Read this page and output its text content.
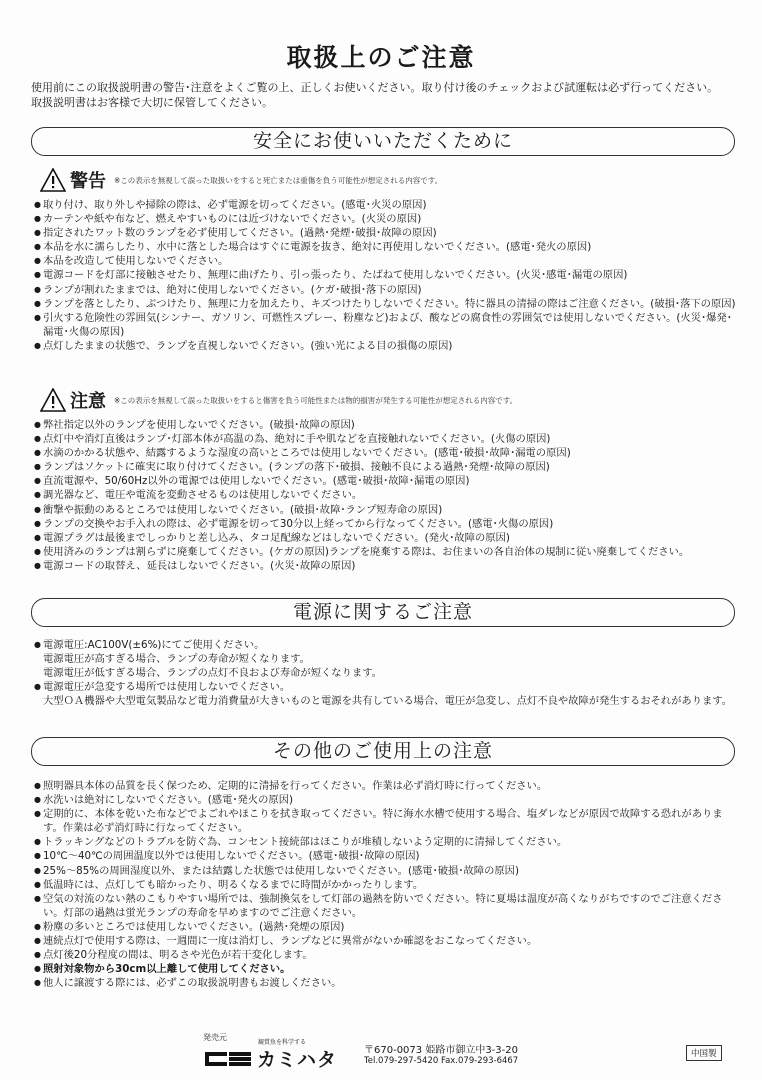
取扱上のご注意
使用前にこの取扱説明書の警告･注意をよくご覧の上、正しくお使いください。取り付け後のチェックおよび試運転は必ず行ってください。
取扱説明書はお客様で大切に保管してください。
安全にお使いいただくために
警告 ※この表示を無視して誤った取扱いをすると死亡または重傷を負う可能性が想定される内容です。
● 取り付け、取り外しや掃除の際は、必ず電源を切ってください。(感電･火災の原因)
● カーテンや紙や布など、燃えやすいものには近づけないでください。(火災の原因)
● 指定されたワット数のランプを必ず使用してください。(過熱･発煙･破損･故障の原因)
● 本品を水に濡らしたり、水中に落とした場合はすぐに電源を抜き、絶対に再使用しないでください。(感電･発火の原因)
● 本品を改造して使用しないでください。
● 電源コードを灯部に接触させたり、無理に曲げたり、引っ張ったり、たばねて使用しないでください。(火災･感電･漏電の原因)
● ランプが割れたままでは、絶対に使用しないでください。(ケガ･破損･落下の原因)
● ランプを落としたり、ぶつけたり、無理に力を加えたり、キズつけたりしないでください。特に器具の清掃の際はご注意ください。(破損･落下の原因)
● 引火する危険性の雰囲気(シンナー、ガソリン、可燃性スプレー、粉塵など)および、酸などの腐食性の雰囲気では使用しないでください。(火災･爆発･漏電･火傷の原因)
● 点灯したままの状態で、ランプを直視しないでください。(強い光による目の損傷の原因)
注意 ※この表示を無視して誤った取扱いをすると傷害を負う可能性または物的損害が発生する可能性が想定される内容です。
● 弊社指定以外のランプを使用しないでください。(破損･故障の原因)
● 点灯中や消灯直後はランプ･灯部本体が高温の為、絶対に手や肌などを直接触れないでください。(火傷の原因)
● 水滴のかかる状態や、結露するような湿度の高いところでは使用しないでください。(感電･破損･故障･漏電の原因)
● ランプはソケットに確実に取り付けてください。(ランプの落下･破損、接触不良による過熱･発煙･故障の原因)
● 直流電源や、50/60Hz以外の電源では使用しないでください。(感電･破損･故障･漏電の原因)
● 調光器など、電圧や電流を変動させるものは使用しないでください。
● 衝撃や振動のあるところでは使用しないでください。(破損･故障･ランプ短寿命の原因)
● ランプの交換やお手入れの際は、必ず電源を切って30分以上経ってから行なってください。(感電･火傷の原因)
● 電源プラグは最後までしっかりと差し込み、タコ足配線などはしないでください。(発火･故障の原因)
● 使用済みのランプは割らずに廃棄してください。(ケガの原因)ランプを廃棄する際は、お住まいの各自治体の規制に従い廃棄してください。
● 電源コードの取替え、延長はしないでください。(火災･故障の原因)
電源に関するご注意
● 電源電圧:AC100V(±6%)にてご使用ください。
電源電圧が高すぎる場合、ランプの寿命が短くなります。
電源電圧が低すぎる場合、ランプの点灯不良および寿命が短くなります。
● 電源電圧が急変する場所では使用しないでください。
大型ＯＡ機器や大型電気製品など電力消費量が大きいものと電源を共有している場合、電圧が急変し、点灯不良や故障が発生するおそれがあります。
その他のご使用上の注意
● 照明器具本体の品質を長く保つため、定期的に清掃を行ってください。作業は必ず消灯時に行ってください。
● 水洗いは絶対にしないでください。(感電･発火の原因)
● 定期的に、本体を乾いた布などでよごれやほこりを拭き取ってください。特に海水水槽で使用する場合、塩ダレなどが原因で故障する恐れがあります。作業は必ず消灯時に行なってください。
● トラッキングなどのトラブルを防ぐ為、コンセント接続部はほこりが堆積しないよう定期的に清掃してください。
● 10℃〜40℃の周囲温度以外では使用しないでください。(感電･破損･故障の原因)
● 25%〜85%の周囲湿度以外、または結露した状態では使用しないでください。(感電･破損･故障の原因)
● 低温時には、点灯しても暗かったり、明るくなるまでに時間がかかったりします。
● 空気の対流のない熱のこもりやすい場所では、強制換気をして灯部の過熱を防いでください。特に夏場は温度が高くなりがちですのでご注意ください。灯部の過熱は蛍光ランプの寿命を早めますのでご注意ください。
● 粉塵の多いところでは使用しないでください。(過熱･発煙の原因)
● 連続点灯で使用する際は、一週間に一度は消灯し、ランプなどに異常がないか確認をおこなってください。
● 点灯後20分程度の間は、明るさや光色が若干変化します。
● 照射対象物から30cm以上離して使用してください。
● 他人に譲渡する際には、必ずこの取扱説明書もお渡しください。
発売元
観賞魚を科学する
カミハタ	〒670-0073 姫路市御立中3-3-20
Tel.079-297-5420 Fax.079-293-6467
中国製
